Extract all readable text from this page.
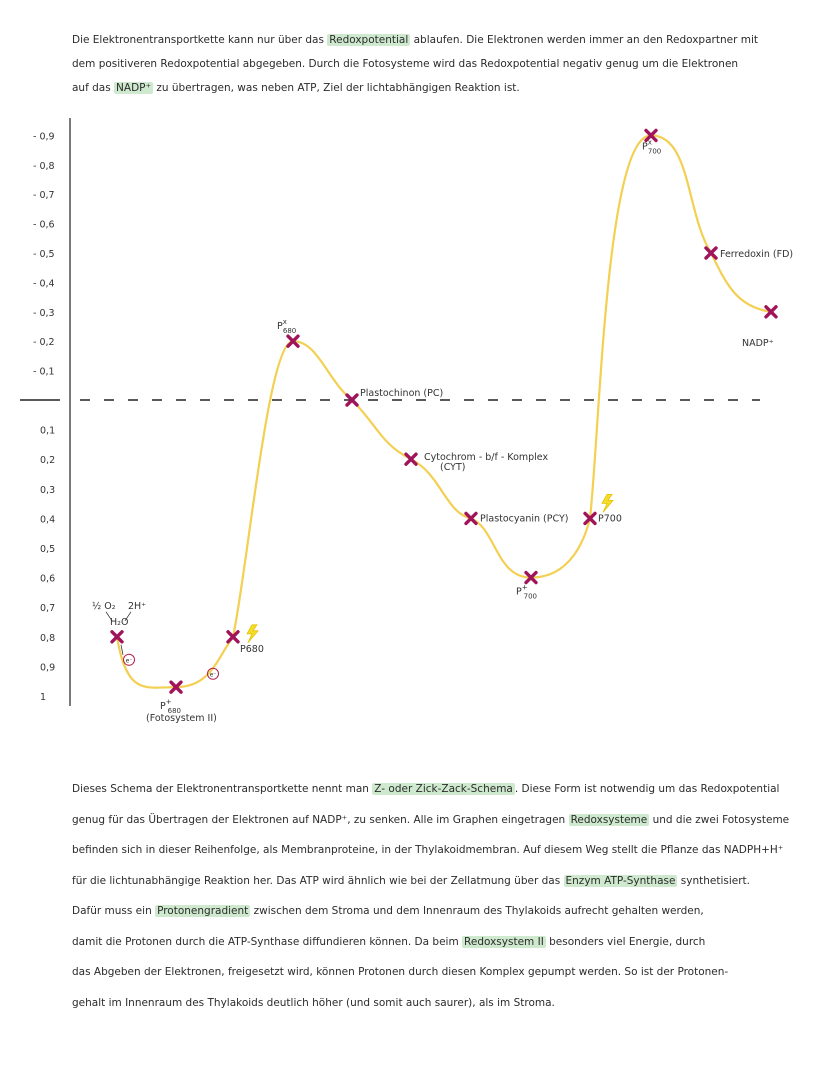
Die Elektronentransportkette kann nur über das Redoxpotential ablaufen. Die Elektronen werden immer an den Redoxpartner mit
dem positiveren Redoxpotential abgegeben. Durch die Fotosysteme wird das Redoxpotential negativ genug um die Elektronen
auf das NADP⁺ zu übertragen, was neben ATP, Ziel der lichtabhängigen Reaktion ist.
- 0,9
- 0,8
- 0,7
- 0,6
- 0,5
- 0,4
- 0,3
- 0,2
- 0,1
0,1
0,2
0,3
0,4
0,5
0,6
0,7
0,8
0,9
1
½ O₂ 2H⁺
H₂O
e⁻
e⁻
P+ 680
(Fotosystem II)
P680
$P^x$ 680
Plastochinon (PC)
Cytochrom - b/f - Komplex
(CYT)
Plastocyanin (PCY)
P+ 700
P700
$P^x$ 700
Ferredoxin (FD)
NADP⁺
Dieses Schema der Elektronentransportkette nennt man Z- oder Zick-Zack-Schema . Diese Form ist notwendig um das Redoxpotential
genug für das Übertragen der Elektronen auf NADP⁺, zu senken. Alle im Graphen eingetragen Redoxsysteme und die zwei Fotosysteme
befinden sich in dieser Reihenfolge, als Membranproteine, in der Thylakoidmembran. Auf diesem Weg stellt die Pflanze das NADPH+H⁺
für die lichtunabhängige Reaktion her. Das ATP wird ähnlich wie bei der Zellatmung über das Enzym ATP-Synthase synthetisiert.
Dafür muss ein Protonengradient zwischen dem Stroma und dem Innenraum des Thylakoids aufrecht gehalten werden,
damit die Protonen durch die ATP-Synthase diffundieren können. Da beim Redoxsystem II besonders viel Energie, durch
das Abgeben der Elektronen, freigesetzt wird, können Protonen durch diesen Komplex gepumpt werden. So ist der Protonen-
gehalt im Innenraum des Thylakoids deutlich höher (und somit auch saurer), als im Stroma.
